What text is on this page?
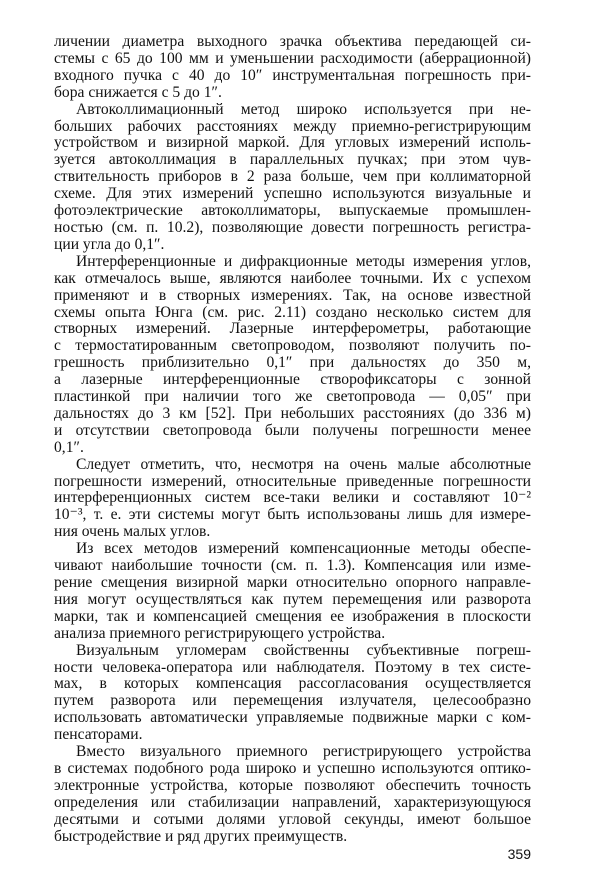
личении диаметра выходного зрачка объектива передающей си-
стемы с 65 до 100 мм и уменьшении расходимости (аберрационной)
входного пучка с 40 до 10″ инструментальная погрешность при-
бора снижается с 5 до 1″.
Автоколлимационный метод широко используется при не-
больших рабочих расстояниях между приемно-регистрирующим
устройством и визирной маркой. Для угловых измерений исполь-
зуется автоколлимация в параллельных пучках; при этом чув-
ствительность приборов в 2 раза больше, чем при коллиматорной
схеме. Для этих измерений успешно используются визуальные и
фотоэлектрические автоколлиматоры, выпускаемые промышлен-
ностью (см. п. 10.2), позволяющие довести погрешность регистра-
ции угла до 0,1″.
Интерференционные и дифракционные методы измерения углов,
как отмечалось выше, являются наиболее точными. Их с успехом
применяют и в створных измерениях. Так, на основе известной
схемы опыта Юнга (см. рис. 2.11) создано несколько систем для
створных измерений. Лазерные интерферометры, работающие
с термостатированным светопроводом, позволяют получить по-
грешность приблизительно 0,1″ при дальностях до 350 м,
а лазерные интерференционные створофиксаторы с зонной
пластинкой при наличии того же светопровода — 0,05″ при
дальностях до 3 км [52]. При небольших расстояниях (до 336 м)
и отсутствии светопровода были получены погрешности менее
0,1″.
Следует отметить, что, несмотря на очень малые абсолютные
погрешности измерений, относительные приведенные погрешности
интерференционных систем все-таки велики и составляют 10⁻²
10⁻³, т. е. эти системы могут быть использованы лишь для измере-
ния очень малых углов.
Из всех методов измерений компенсационные методы обеспе-
чивают наибольшие точности (см. п. 1.3). Компенсация или изме-
рение смещения визирной марки относительно опорного направле-
ния могут осуществляться как путем перемещения или разворота
марки, так и компенсацией смещения ее изображения в плоскости
анализа приемного регистрирующего устройства.
Визуальным угломерам свойственны субъективные погреш-
ности человека-оператора или наблюдателя. Поэтому в тех систе-
мах, в которых компенсация рассогласования осуществляется
путем разворота или перемещения излучателя, целесообразно
использовать автоматически управляемые подвижные марки с ком-
пенсаторами.
Вместо визуального приемного регистрирующего устройства
в системах подобного рода широко и успешно используются оптико-
электронные устройства, которые позволяют обеспечить точность
определения или стабилизации направлений, характеризующуюся
десятыми и сотыми долями угловой секунды, имеют большое
быстродействие и ряд других преимуществ.
359
